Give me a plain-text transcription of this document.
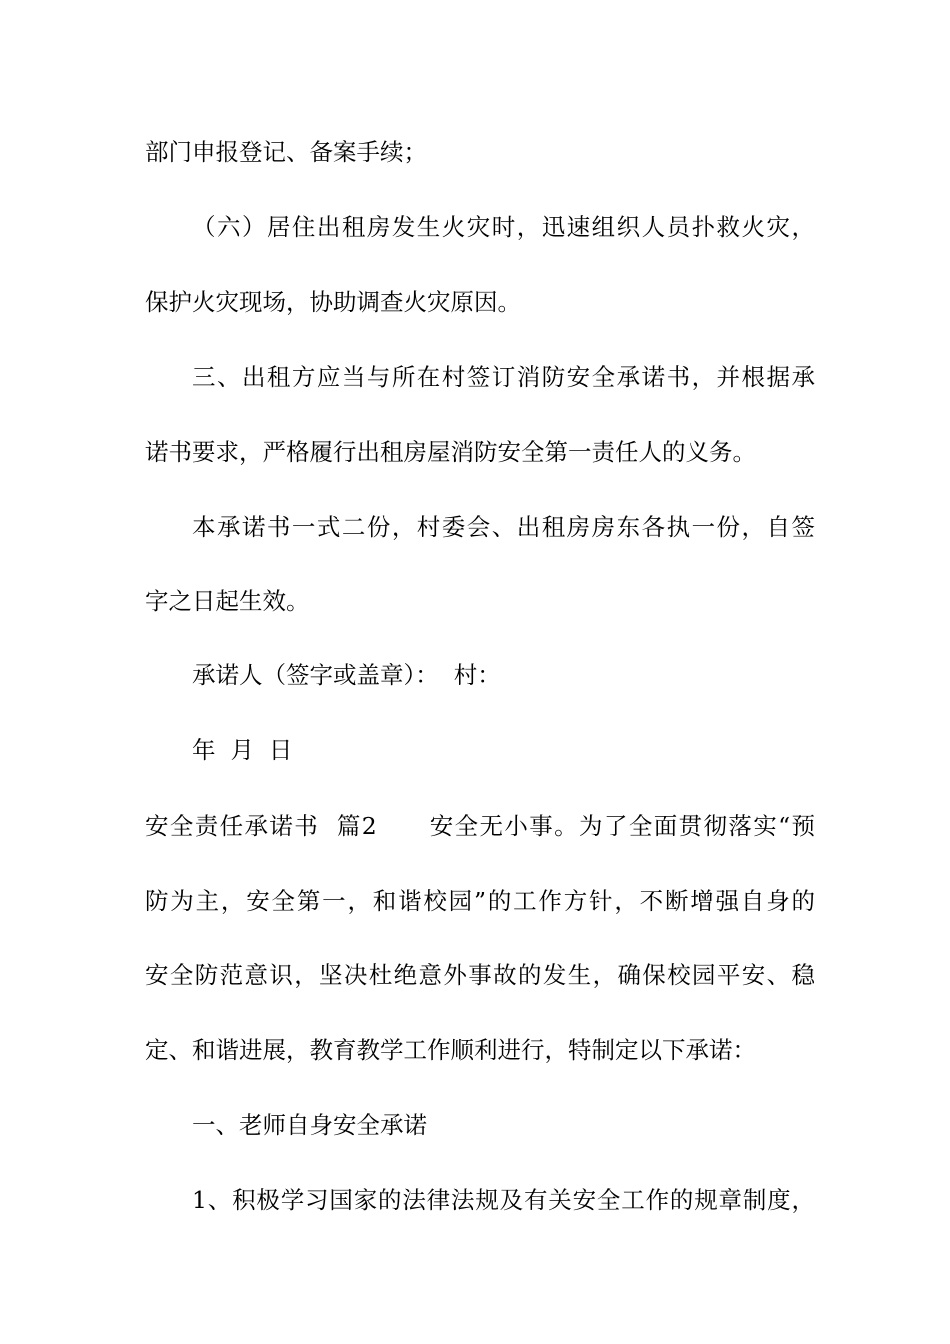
部门申报登记、备案手续；
（六）居住出租房发生火灾时，迅速组织人员扑救火灾，
保护火灾现场，协助调查火灾原因。
三、出租方应当与所在村签订消防安全承诺书，并根据承
诺书要求，严格履行出租房屋消防安全第一责任人的义务。
本承诺书一式二份，村委会、出租房房东各执一份，自签
字之日起生效。
承诺人（签字或盖章）：  村：
年  月  日
安全责任承诺书  篇2      安全无小事。为了全面贯彻落实“预
防为主，安全第一，和谐校园”的工作方针，不断增强自身的
安全防范意识，坚决杜绝意外事故的发生，确保校园平安、稳
定、和谐进展，教育教学工作顺利进行，特制定以下承诺：
一、老师自身安全承诺
1、积极学习国家的法律法规及有关安全工作的规章制度，
